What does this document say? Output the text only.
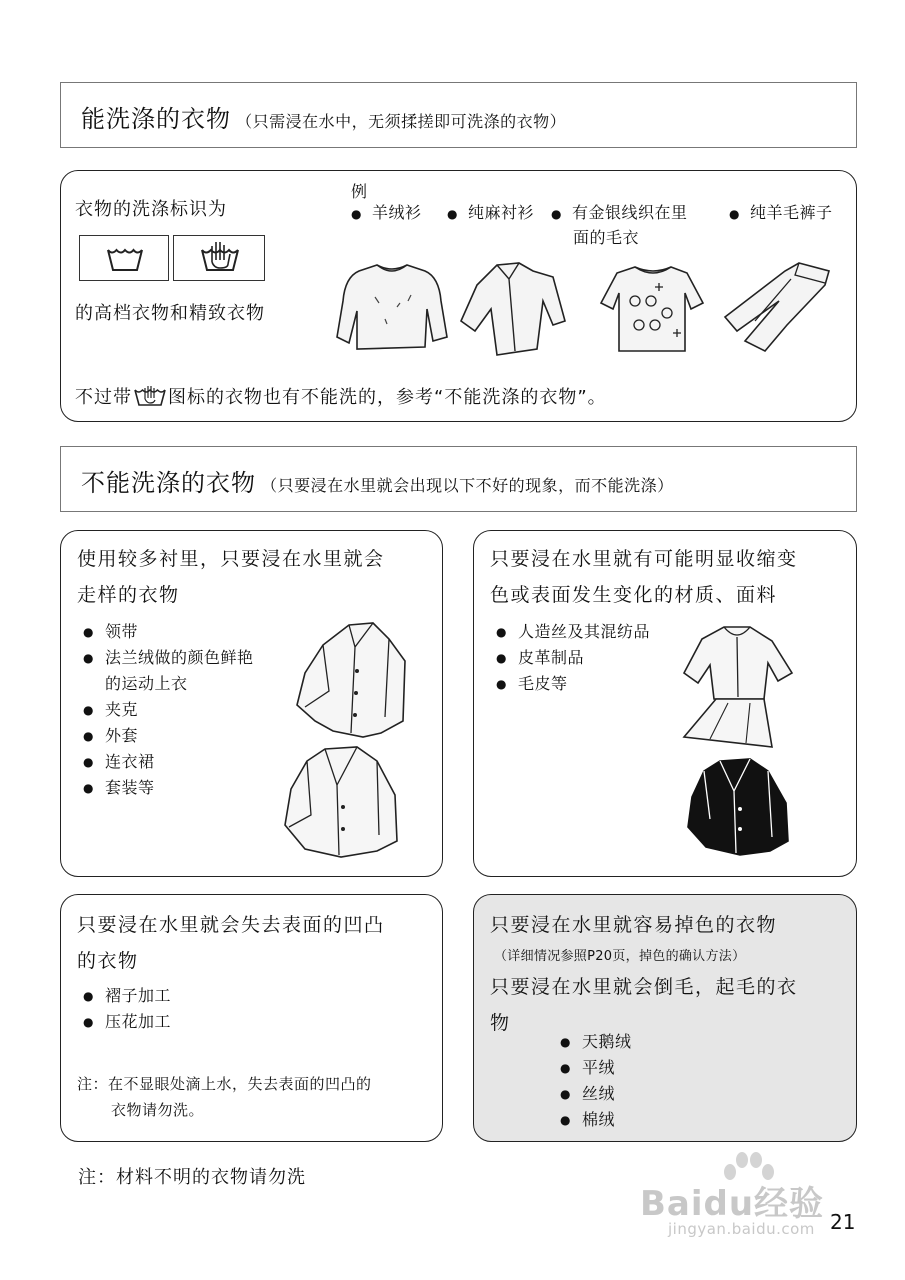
能洗涤的衣物 （只需浸在水中，无须揉搓即可洗涤的衣物）
衣物的洗涤标识为
的高档衣物和精致衣物
例
● 羊绒衫 ● 纯麻衬衫 ● 有金银线织在里
面的毛衣
● 纯羊毛裤子
不过带 图标的衣物也有不能洗的，参考“不能洗涤的衣物”。
不能洗涤的衣物 （只要浸在水里就会出现以下不好的现象，而不能洗涤）
使用较多衬里，只要浸在水里就会
走样的衣物
● 领带
● 法兰绒做的颜色鲜艳
的运动上衣
● 夹克
● 外套
● 连衣裙
● 套装等
只要浸在水里就有可能明显收缩变
色或表面发生变化的材质、面料
● 人造丝及其混纺品
● 皮革制品
● 毛皮等
只要浸在水里就会失去表面的凹凸
的衣物
● 褶子加工
● 压花加工
注：在不显眼处滴上水，失去表面的凹凸的
衣物请勿洗。
只要浸在水里就容易掉色的衣物
（详细情况参照P20页，掉色的确认方法）
只要浸在水里就会倒毛，起毛的衣
物
● 天鹅绒
● 平绒
● 丝绒
● 棉绒
注：材料不明的衣物请勿洗
Baidu经验
jingyan.baidu.com 21
